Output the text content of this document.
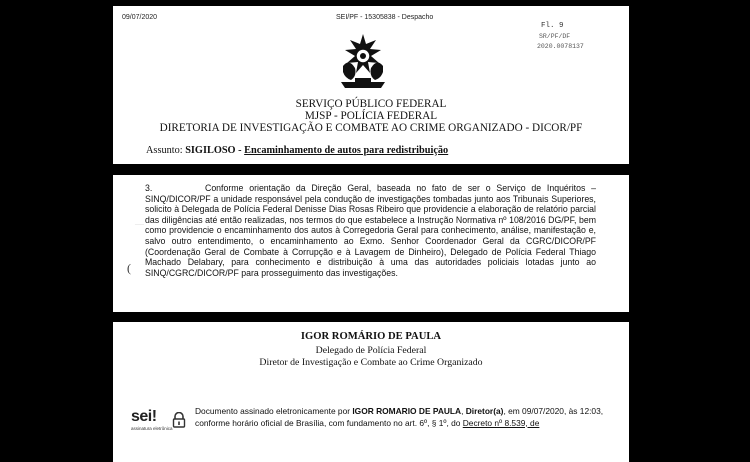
09/07/2020	SEI/PF - 15305838 - Despacho
Fl. 9
SR/PF/DF
2020.0078137
SERVIÇO PÚBLICO FEDERAL
MJSP - POLÍCIA FEDERAL
DIRETORIA DE INVESTIGAÇÃO E COMBATE AO CRIME ORGANIZADO - DICOR/PF
Assunto: SIGILOSO - Encaminhamento de autos para redistribuição
3.	Conforme orientação da Direção Geral, baseada no fato de ser o Serviço de Inquéritos – SINQ/DICOR/PF a unidade responsável pela condução de investigações tombadas junto aos Tribunais Superiores, solicito à Delegada de Polícia Federal Denisse Dias Rosas Ribeiro que providencie a elaboração de relatório parcial das diligências até então realizadas, nos termos do que estabelece a Instrução Normativa nº 108/2016 DG/PF, bem como providencie o encaminhamento dos autos à Corregedoria Geral para conhecimento, análise, manifestação e, salvo outro entendimento, o encaminhamento ao Exmo. Senhor Coordenador Geral da CGRC/DICOR/PF (Coordenação Geral de Combate à Corrupção e à Lavagem de Dinheiro), Delegado de Polícia Federal Thiago Machado Delabary, para conhecimento e distribuição à uma das autoridades policiais lotadas junto ao SINQ/CGRC/DICOR/PF para prosseguimento das investigações.
—
(
IGOR ROMÁRIO DE PAULA
Delegado de Polícia Federal
Diretor de Investigação e Combate ao Crime Organizado
sei!
assinatura eletrônica
Documento assinado eletronicamente por IGOR ROMARIO DE PAULA, Diretor(a), em 09/07/2020, às 12:03, conforme horário oficial de Brasília, com fundamento no art. 6º, § 1º, do Decreto nº 8.539, de
